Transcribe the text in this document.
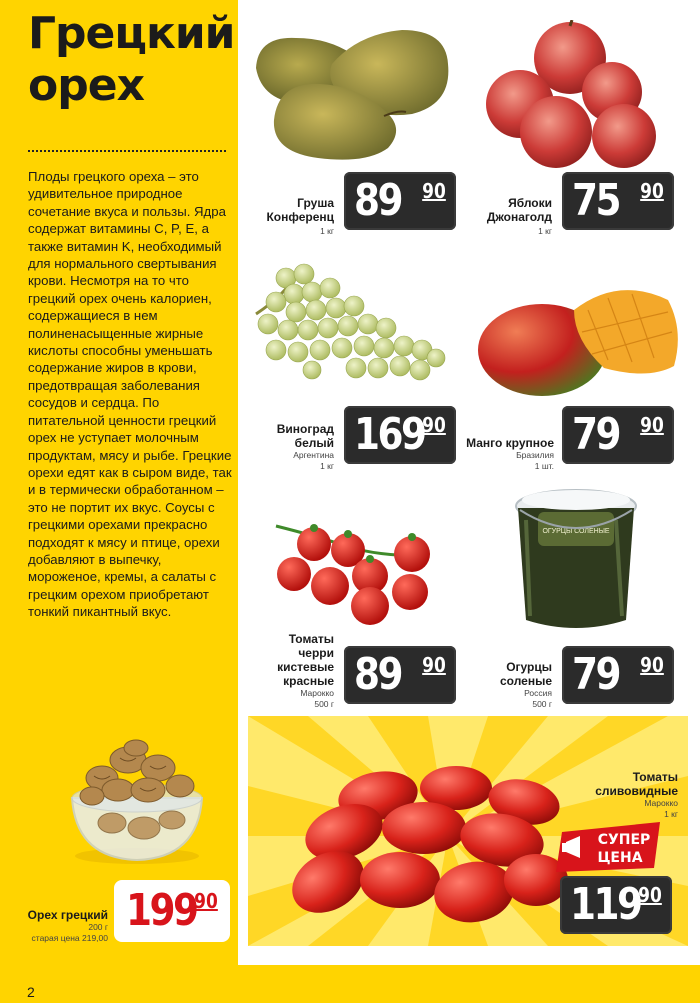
Грецкий
орех

Плоды грецкого ореха – это удивительное природное сочетание вкуса и пользы. Ядра содержат витамины C, P, E, а также витамин K, необходимый для нормального свертывания крови. Несмотря на то что грецкий орех очень калориен, содержащиеся в нем полиненасыщенные жирные кислоты способны уменьшать содержание жиров в крови, предотвращая заболевания сосудов и сердца. По питательной ценности грецкий орех не уступает молочным продуктам, мясу и рыбе. Грецкие орехи едят как в сыром виде, так и в термически обработанном – это не портит их вкус. Соусы с грецкими орехами прекрасно подходят к мясу и птице, орехи добавляют в выпечку, мороженое, кремы, а салаты с грецким орехом приобретают тонкий пикантный вкус.

Орех грецкий
200 г
старая цена 219,00
199
90
ОГУРЦЫ СОЛЕНЫЕ
Груша
Конференц
1 кг
89 90	Яблоки
Джонаголд
1 кг
75 90
Виноград
белый
Аргентина
1 кг
169
90
Манго крупное
Бразилия
1 шт.
79 90
Томаты
черри
кистевые
красные
Марокко
500 г
89 90	Огурцы
соленые
Россия
500 г
79 90
Томаты
сливовидные
Марокко
1 кг
СУПЕР
ЦЕНА
119
90
2
